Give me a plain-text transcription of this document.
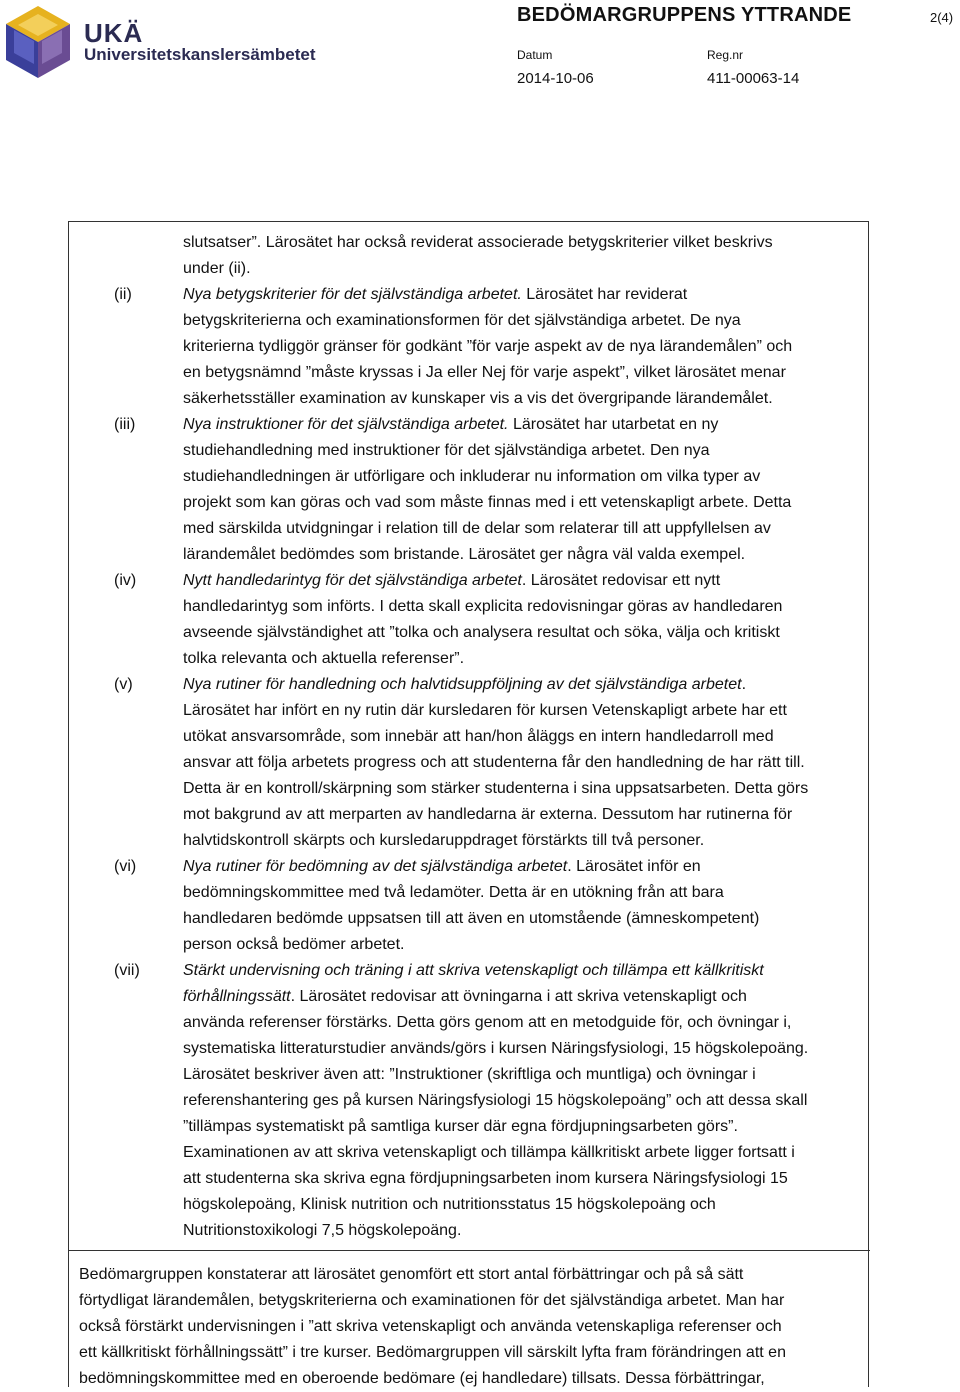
UKÄ
Universitetskanslersämbetet
BEDÖMARGRUPPENS YTTRANDE	2(4)
Datum
2014-10-06
Reg.nr
411-00063-14
slutsatser”. Lärosätet har också reviderat associerade betygskriterier vilket beskrivs
under (ii).
(ii)	Nya betygskriterier för det självständiga arbetet. Lärosätet har reviderat
betygskriterierna och examinationsformen för det självständiga arbetet. De nya
kriterierna tydliggör gränser för godkänt ”för varje aspekt av de nya lärandemålen” och
en betygsnämnd ”måste kryssas i Ja eller Nej för varje aspekt”, vilket lärosätet menar
säkerhetsställer examination av kunskaper vis a vis det övergripande lärandemålet.
(iii)	Nya instruktioner för det självständiga arbetet. Lärosätet har utarbetat en ny
studiehandledning med instruktioner för det självständiga arbetet. Den nya
studiehandledningen är utförligare och inkluderar nu information om vilka typer av
projekt som kan göras och vad som måste finnas med i ett vetenskapligt arbete. Detta
med särskilda utvidgningar i relation till de delar som relaterar till att uppfyllelsen av
lärandemålet bedömdes som bristande. Lärosätet ger några väl valda exempel.
(iv)	Nytt handledarintyg för det självständiga arbetet. Lärosätet redovisar ett nytt
handledarintyg som införts. I detta skall explicita redovisningar göras av handledaren
avseende självständighet att ”tolka och analysera resultat och söka, välja och kritiskt
tolka relevanta och aktuella referenser”.
(v)	Nya rutiner för handledning och halvtidsuppföljning av det självständiga arbetet.
Lärosätet har infört en ny rutin där kursledaren för kursen Vetenskapligt arbete har ett
utökat ansvarsområde, som innebär att han/hon åläggs en intern handledarroll med
ansvar att följa arbetets progress och att studenterna får den handledning de har rätt till.
Detta är en kontroll/skärpning som stärker studenterna i sina uppsatsarbeten. Detta görs
mot bakgrund av att merparten av handledarna är externa. Dessutom har rutinerna för
halvtidskontroll skärpts och kursledaruppdraget förstärkts till två personer.
(vi)	Nya rutiner för bedömning av det självständiga arbetet. Lärosätet inför en
bedömningskommittee med två ledamöter. Detta är en utökning från att bara
handledaren bedömde uppsatsen till att även en utomstående (ämneskompetent)
person också bedömer arbetet.
(vii)	Stärkt undervisning och träning i att skriva vetenskapligt och tillämpa ett källkritiskt
förhållningssätt. Lärosätet redovisar att övningarna i att skriva vetenskapligt och
använda referenser förstärks. Detta görs genom att en metodguide för, och övningar i,
systematiska litteraturstudier används/görs i kursen Näringsfysiologi, 15 högskolepoäng.
Lärosätet beskriver även att: ”Instruktioner (skriftliga och muntliga) och övningar i
referenshantering ges på kursen Näringsfysiologi 15 högskolepoäng” och att dessa skall
”tillämpas systematiskt på samtliga kurser där egna fördjupningsarbeten görs”.
Examinationen av att skriva vetenskapligt och tillämpa källkritiskt arbete ligger fortsatt i
att studenterna ska skriva egna fördjupningsarbeten inom kursera Näringsfysiologi 15
högskolepoäng, Klinisk nutrition och nutritionsstatus 15 högskolepoäng och
Nutritionstoxikologi 7,5 högskolepoäng.
Bedömargruppen konstaterar att lärosätet genomfört ett stort antal förbättringar och på så sätt
förtydligat lärandemålen, betygskriterierna och examinationen för det självständiga arbetet. Man har
också förstärkt undervisningen i ”att skriva vetenskapligt och använda vetenskapliga referenser och
ett källkritiskt förhållningssätt” i tre kurser. Bedömargruppen vill särskilt lyfta fram förändringen att en
bedömningskommittee med en oberoende bedömare (ej handledare) tillsats. Dessa förbättringar,
